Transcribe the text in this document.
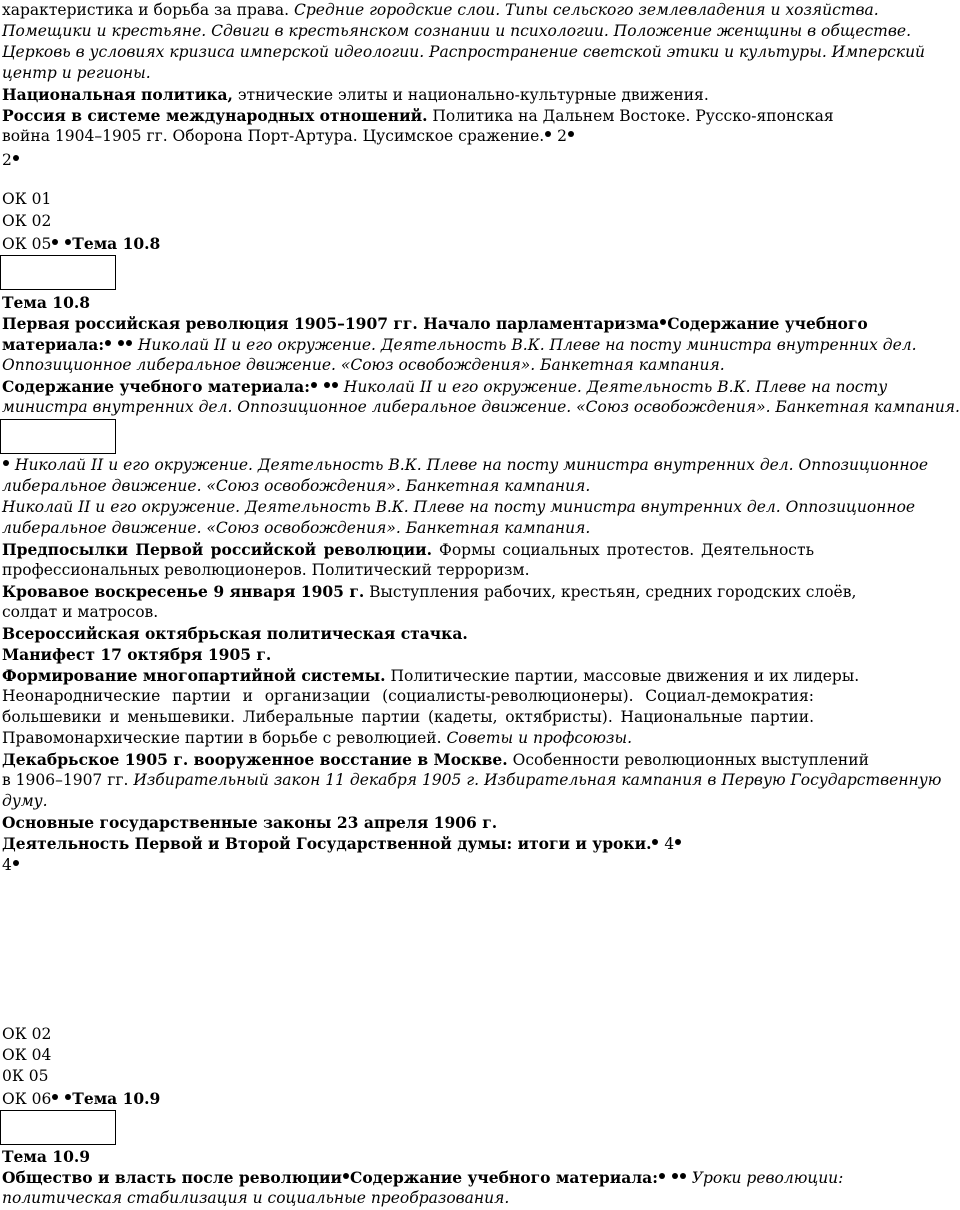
характеристика и борьба за права. Средние городские слои. Типы сельского землевладения и хозяйства.
Помещики и крестьяне. Сдвиги в крестьянском сознании и психологии. Положение женщины в обществе.
Церковь в условиях кризиса имперской идеологии. Распространение светской этики и культуры. Имперский
центр и регионы.
Национальная политика, этнические элиты и национально-культурные движения.
Россия в системе международных отношений. Политика на Дальнем Востоке. Русско-японская
война 1904–1905 гг. Оборона Порт-Артура. Цусимское сражение. 2
2
ОК 01
ОК 02
ОК 05 Тема 10.8
Тема 10.8
Первая российская революция 1905–1907 гг. Начало парламентаризма Содержание учебного
материала:  Николай II и его окружение. Деятельность В.К. Плеве на посту министра внутренних дел.
Оппозиционное либеральное движение. «Союз освобождения». Банкетная кампания.
Содержание учебного материала:  Николай II и его окружение. Деятельность В.К. Плеве на посту
министра внутренних дел. Оппозиционное либеральное движение. «Союз освобождения». Банкетная кампания.
Николай II и его окружение. Деятельность В.К. Плеве на посту министра внутренних дел. Оппозиционное
либеральное движение. «Союз освобождения». Банкетная кампания.
Николай II и его окружение. Деятельность В.К. Плеве на посту министра внутренних дел. Оппозиционное
либеральное движение. «Союз освобождения». Банкетная кампания.
Предпосылки Первой российской революции. Формы социальных протестов. Деятельность
профессиональных революционеров. Политический терроризм.
Кровавое воскресенье 9 января 1905 г. Выступления рабочих, крестьян, средних городских слоёв,
солдат и матросов.
Всероссийская октябрьская политическая стачка.
Манифест 17 октября 1905 г.
Формирование многопартийной системы. Политические партии, массовые движения и их лидеры.
Неонароднические партии и организации (социалисты-революционеры). Социал-демократия:
большевики и меньшевики. Либеральные партии (кадеты, октябристы). Национальные партии.
Правомонархические партии в борьбе с революцией. Советы и профсоюзы.
Декабрьское 1905 г. вооруженное восстание в Москве. Особенности революционных выступлений
в 1906–1907 гг. Избирательный закон 11 декабря 1905 г. Избирательная кампания в Первую Государственную
думу.
Основные государственные законы 23 апреля 1906 г.
Деятельность Первой и Второй Государственной думы: итоги и уроки. 4
4
ОК 02
ОК 04
0К 05
ОК 06 Тема 10.9
Тема 10.9
Общество и власть после революции Содержание учебного материала:  Уроки революции:
политическая стабилизация и социальные преобразования.
